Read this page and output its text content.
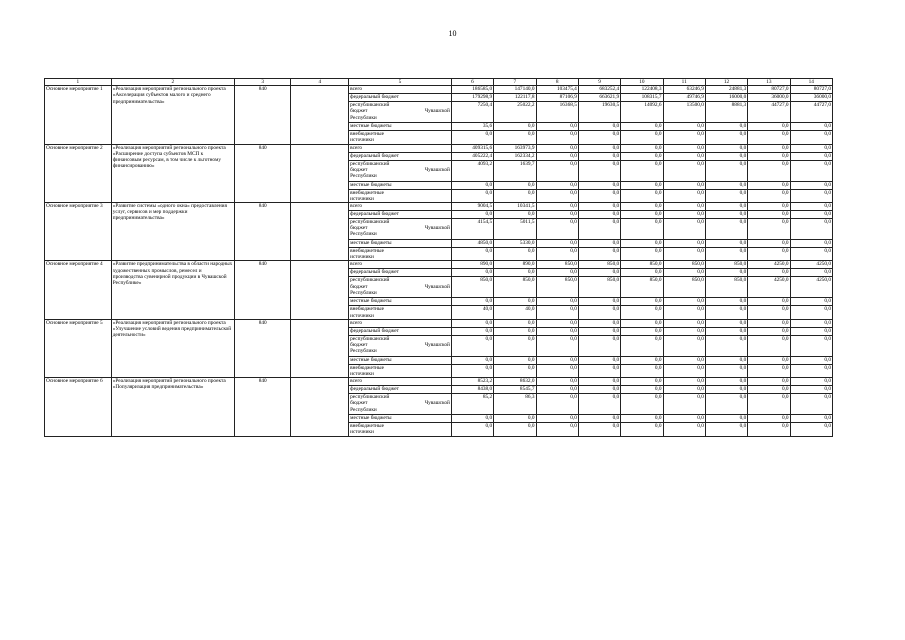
10
1	2	3	4	5	6	7	8	9	10	11	12	13	14
Основное мероприятие 1	«Реализация мероприятий регионального проекта «Акселерация субъектов малого и среднего предпринимательства»	840		всего	186585,0	147140,0	103475,4	683252,4	122408,3	63246,9	24881,3	80727,0	80727,0
				федеральный бюджет	179298,9	122117,8	87106,9	663621,9	108315,7	49746,9	16000,0	36000,0	36000,0

				республиканский
бюджет Чувашской
Республики	7250,4	25022,2	16368,5	19630,5	14092,6	13500,0	8881,3	44727,0	44727,0
				местные бюджеты	35,6	0,0	0,0	0,0	0,0	0,0	0,0	0,0	0,0

				внебюджетные
источники	0,0	0,0	0,0	0,0	0,0	0,0	0,0	0,0	0,0
Основное мероприятие 2	«Реализация мероприятий регионального проекта «Расширение доступа субъектов МСП к финансовым ресурсам, в том числе к льготному финансированию»	840		всего	409315,6	163973,9	0,0	0,0	0,0	0,0	0,0	0,0	0,0
				федеральный бюджет	405222,4	162334,2	0,0	0,0	0,0	0,0	0,0	0,0	0,0

				республиканский
бюджет Чувашской
Республики	4093,2	1639,7	0,0	0,0	0,0	0,0	0,0	0,0	0,0
				местные бюджеты	0,0	0,0	0,0	0,0	0,0	0,0	0,0	0,0	0,0

				внебюджетные
источники	0,0	0,0	0,0	0,0	0,0	0,0	0,0	0,0	0,0
Основное мероприятие 3	«Развитие системы «одного окна» предоставления услуг, сервисов и мер поддержки предпринимательства»	840		всего	9004,5	10341,5	0,0	0,0	0,0	0,0	0,0	0,0	0,0
				федеральный бюджет	0,0	0,0	0,0	0,0	0,0	0,0	0,0	0,0	0,0

				республиканский
бюджет Чувашской
Республики	4154,5	5011,5	0,0	0,0	0,0	0,0	0,0	0,0	0,0
				местные бюджеты	4850,0	5330,0	0,0	0,0	0,0	0,0	0,0	0,0	0,0

				внебюджетные
источники	0,0	0,0	0,0	0,0	0,0	0,0	0,0	0,0	0,0
Основное мероприятие 4	«Развитие предпринимательства в области народных художественных промыслов, ремесел и производства сувенирной продукции в Чувашской Республике»	840		всего	890,0	890,0	850,0	850,0	850,0	850,0	850,0	4250,0	4250,0
				федеральный бюджет	0,0	0,0	0,0	0,0	0,0	0,0	0,0	0,0	0,0

				республиканский
бюджет Чувашской
Республики	850,0	850,0	850,0	850,0	850,0	850,0	850,0	4250,0	4250,0
				местные бюджеты	0,0	0,0	0,0	0,0	0,0	0,0	0,0	0,0	0,0

				внебюджетные
источники	40,0	40,0	0,0	0,0	0,0	0,0	0,0	0,0	0,0
Основное мероприятие 5	«Реализация мероприятий регионального проекта «Улучшение условий ведения предпринимательской деятельности»	840		всего	0,0	0,0	0,0	0,0	0,0	0,0	0,0	0,0	0,0
				федеральный бюджет	0,0	0,0	0,0	0,0	0,0	0,0	0,0	0,0	0,0

				республиканский
бюджет Чувашской
Республики	0,0	0,0	0,0	0,0	0,0	0,0	0,0	0,0	0,0
				местные бюджеты	0,0	0,0	0,0	0,0	0,0	0,0	0,0	0,0	0,0

				внебюджетные
источники	0,0	0,0	0,0	0,0	0,0	0,0	0,0	0,0	0,0
Основное мероприятие 6	«Реализация мероприятий регионального проекта «Популяризация предпринимательства»	840		всего	8523,2	8632,0	0,0	0,0	0,0	0,0	0,0	0,0	0,0
				федеральный бюджет	8438,0	8545,7	0,0	0,0	0,0	0,0	0,0	0,0	0,0

				республиканский
бюджет Чувашской
Республики	85,2	86,3	0,0	0,0	0,0	0,0	0,0	0,0	0,0
				местные бюджеты	0,0	0,0	0,0	0,0	0,0	0,0	0,0	0,0	0,0

				внебюджетные
источники	0,0	0,0	0,0	0,0	0,0	0,0	0,0	0,0	0,0
